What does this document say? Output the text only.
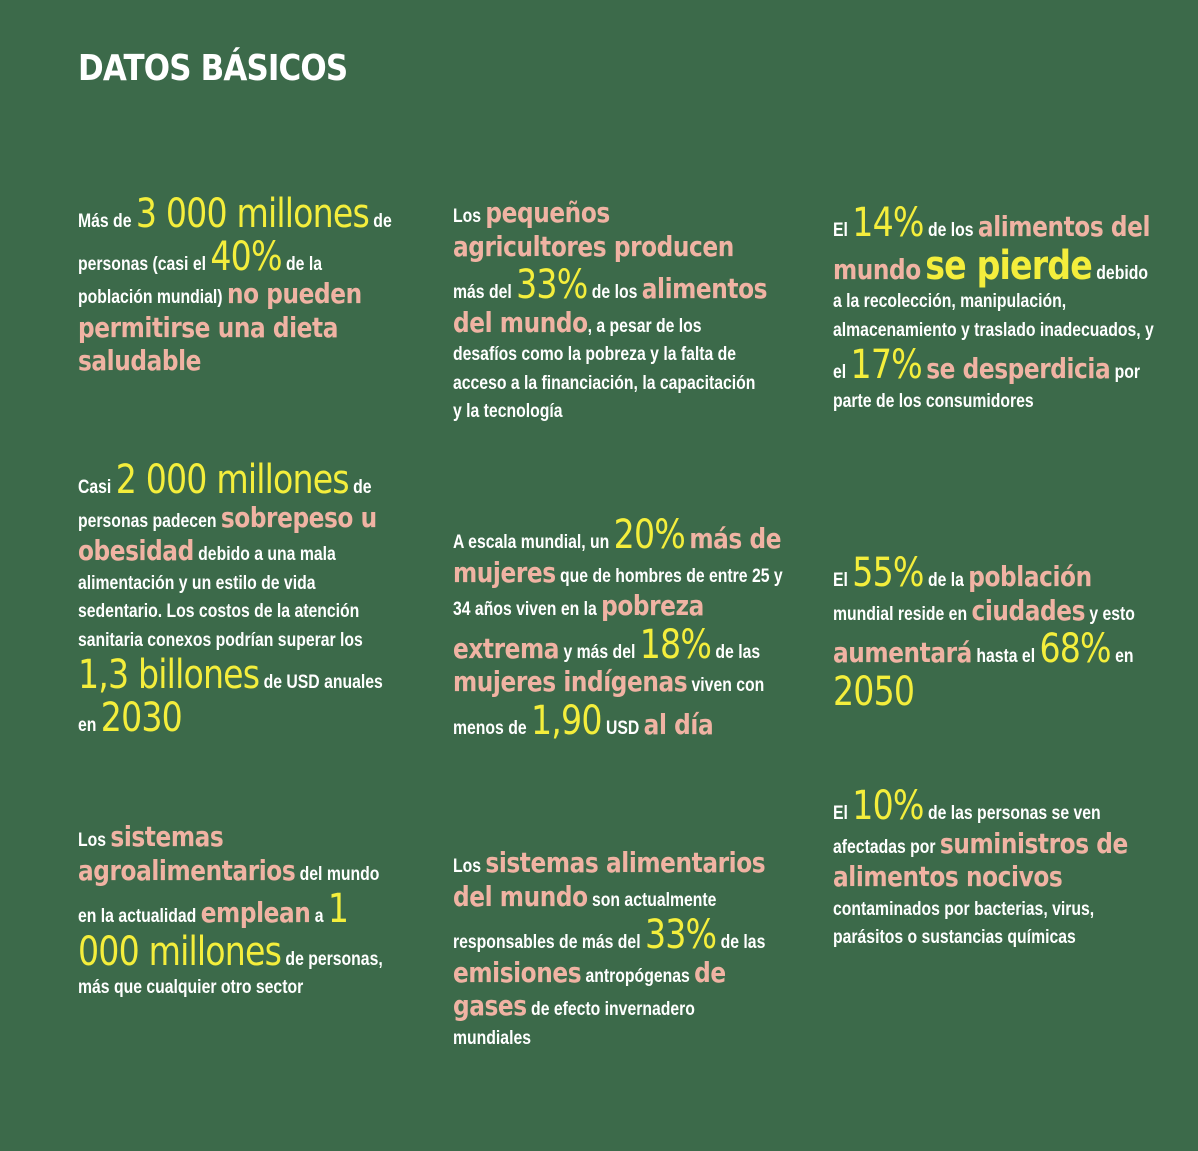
DATOS BÁSICOS

Más de 3 000 millones de personas (casi el 40% de la población mundial) no pueden permitirse una dieta saludable

Los pequeños agricultores producen más del 33% de los alimentos del mundo, a pesar de los desafíos como la pobreza y la falta de acceso a la financiación, la capacitación y la tecnología

El 14% de los alimentos del mundo se pierde debido a la recolección, manipulación, almacenamiento y traslado inadecuados, y el 17% se desperdicia por parte de los consumidores

Casi 2 000 millones de personas padecen sobrepeso u obesidad debido a una mala alimentación y un estilo de vida sedentario. Los costos de la atención sanitaria conexos podrían superar los 1,3 billones de USD anuales en 2030

A escala mundial, un 20% más de mujeres que de hombres de entre 25 y 34 años viven en la pobreza extrema y más del 18% de las mujeres indígenas viven con menos de 1,90 USD al día

El 55% de la población mundial reside en ciudades y esto aumentará hasta el 68% en 2050

Los sistemas agroalimentarios del mundo en la actualidad emplean a 1 000 millones de personas, más que cualquier otro sector

Los sistemas alimentarios del mundo son actualmente responsables de más del 33% de las emisiones antropógenas de gases de efecto invernadero mundiales

El 10% de las personas se ven afectadas por suministros de alimentos nocivos contaminados por bacterias, virus, parásitos o sustancias químicas
